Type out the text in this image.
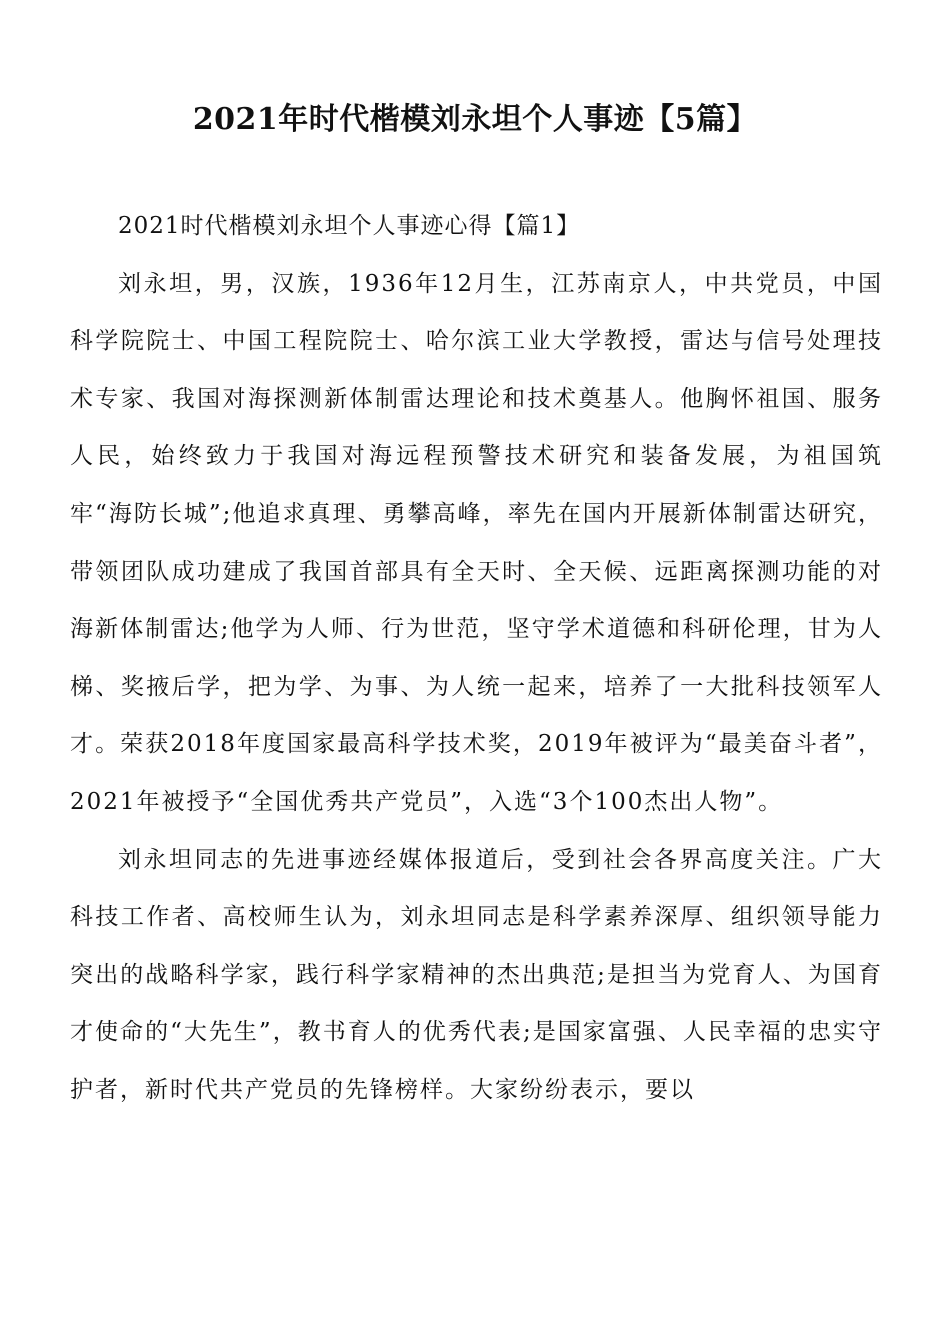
2021年时代楷模刘永坦个人事迹【5篇】

2021时代楷模刘永坦个人事迹心得【篇1】

刘永坦，男，汉族，1936年12月生，江苏南京人，中共党员，中国科学院院士、中国工程院院士、哈尔滨工业大学教授，雷达与信号处理技术专家、我国对海探测新体制雷达理论和技术奠基人。他胸怀祖国、服务人民，始终致力于我国对海远程预警技术研究和装备发展，为祖国筑牢“海防长城”;他追求真理、勇攀高峰，率先在国内开展新体制雷达研究，带领团队成功建成了我国首部具有全天时、全天候、远距离探测功能的对海新体制雷达;他学为人师、行为世范，坚守学术道德和科研伦理，甘为人梯、奖掖后学，把为学、为事、为人统一起来，培养了一大批科技领军人才。荣获2018年度国家最高科学技术奖，2019年被评为“最美奋斗者”，2021年被授予“全国优秀共产党员”，入选“3个100杰出人物”。

刘永坦同志的先进事迹经媒体报道后，受到社会各界高度关注。广大科技工作者、高校师生认为，刘永坦同志是科学素养深厚、组织领导能力突出的战略科学家，践行科学家精神的杰出典范;是担当为党育人、为国育才使命的“大先生”，教书育人的优秀代表;是国家富强、人民幸福的忠实守护者，新时代共产党员的先锋榜样。大家纷纷表示，要以
